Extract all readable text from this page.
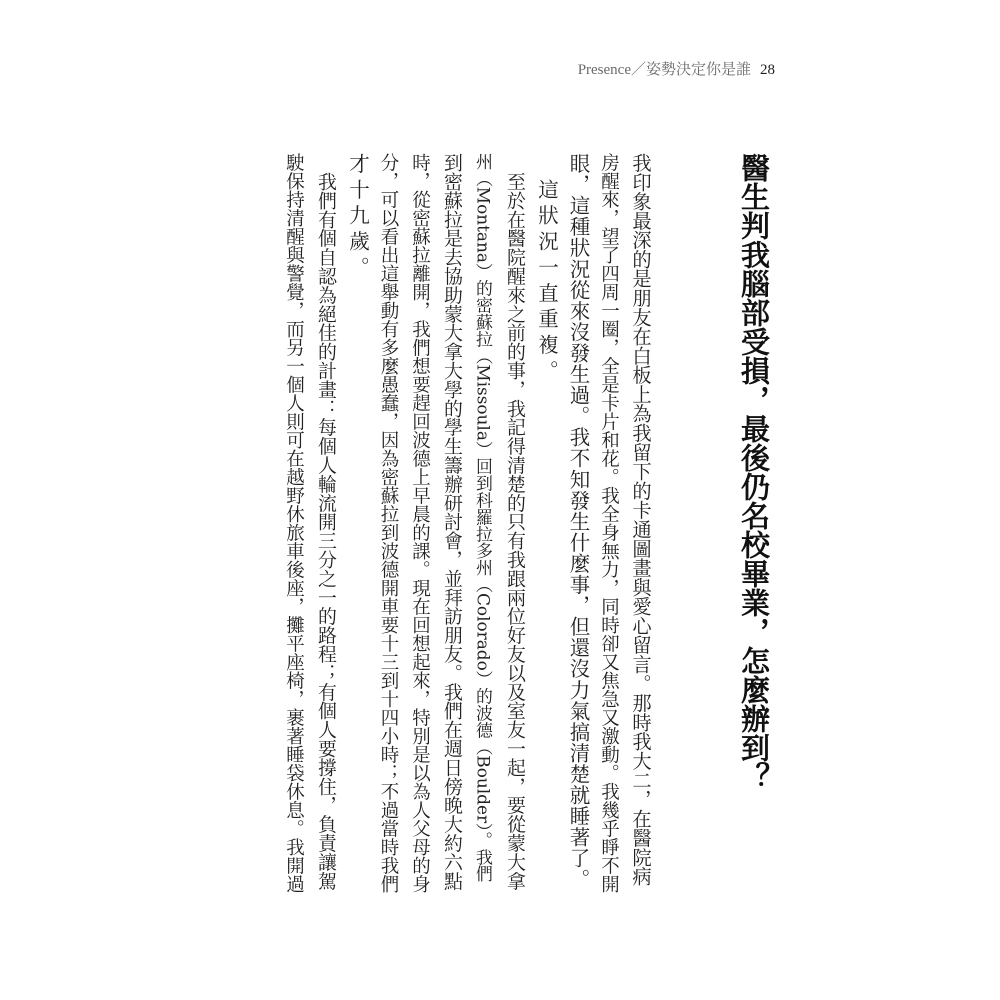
Presence／姿勢決定你是誰 28
醫生判我腦部受損，最後仍名校畢業，怎麼辦到？
我印象最深的是朋友在白板上為我留下的卡通圖畫與愛心留言。那時我大二，在醫院病
房醒來，望了四周一圈，全是卡片和花。我全身無力，同時卻又焦急又激動。我幾乎睜不開
眼，這種狀況從來沒發生過。我不知發生什麼事，但還沒力氣搞清楚就睡著了。
　這狀況一直重複。
　至於在醫院醒來之前的事，我記得清楚的只有我跟兩位好友以及室友一起，要從蒙大拿
州（Montana）的密蘇拉（Missoula）回到科羅拉多州（Colorado）的波德（Boulder）。我們
到密蘇拉是去協助蒙大拿大學的學生籌辦研討會，並拜訪朋友。我們在週日傍晚大約六點
時，從密蘇拉離開，我們想要趕回波德上早晨的課。現在回想起來，特別是以為人父母的身
分，可以看出這舉動有多麼愚蠢，因為密蘇拉到波德開車要十三到十四小時；不過當時我們
才十九歲。
　我們有個自認為絕佳的計畫：每個人輪流開三分之一的路程；有個人要撐住，負責讓駕
駛保持清醒與警覺，而另一個人則可在越野休旅車後座，攤平座椅，裹著睡袋休息。我開過
